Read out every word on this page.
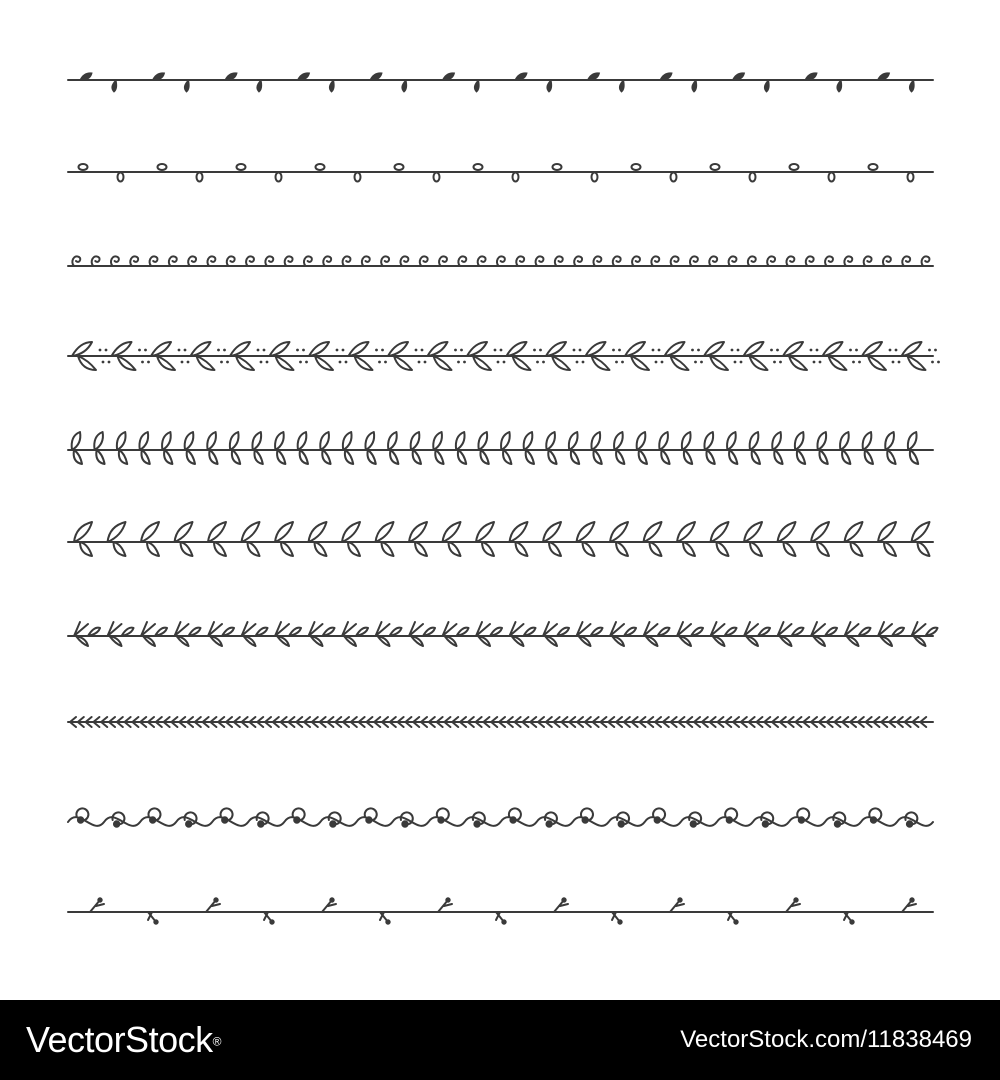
VectorStock®	VectorStock.com/11838469
